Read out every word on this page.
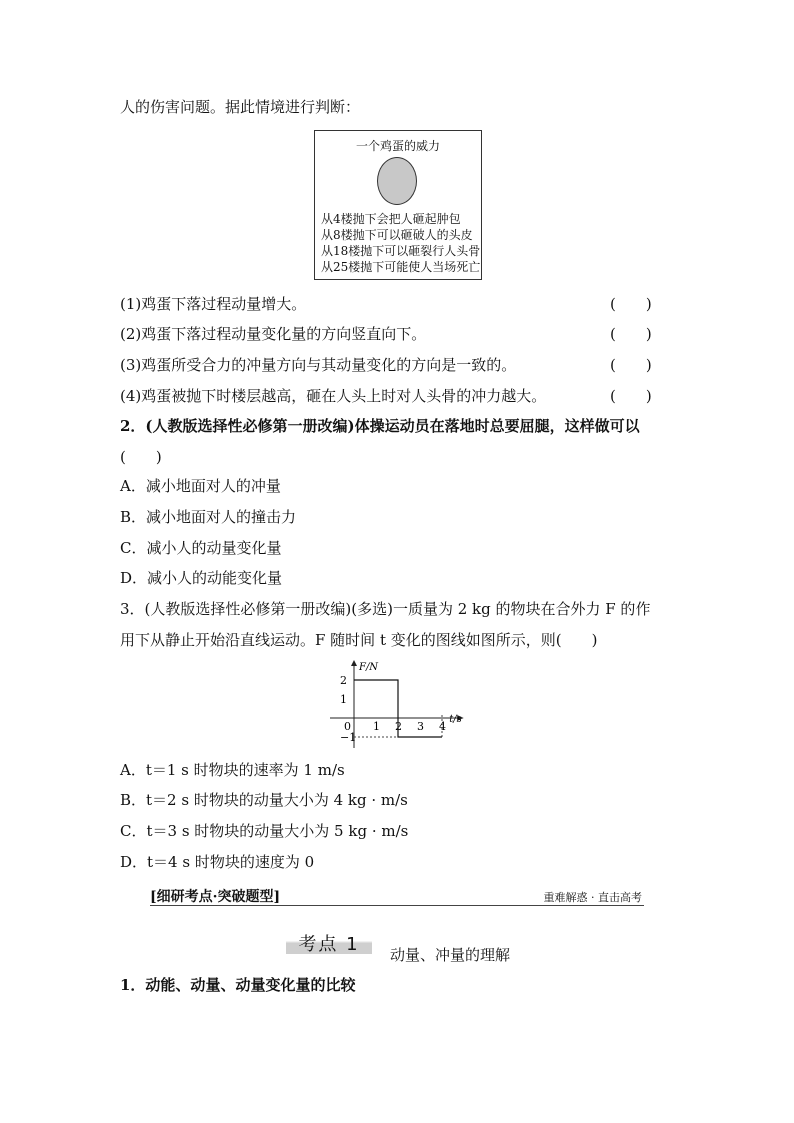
人的伤害问题。据此情境进行判断：
一个鸡蛋的威力
从4楼抛下会把人砸起肿包
从8楼抛下可以砸破人的头皮
从18楼抛下可以砸裂行人头骨
从25楼抛下可能使人当场死亡
(1)鸡蛋下落过程动量增大。	(　　)
(2)鸡蛋下落过程动量变化量的方向竖直向下。	(　　)
(3)鸡蛋所受合力的冲量方向与其动量变化的方向是一致的。	(　　)
(4)鸡蛋被抛下时楼层越高，砸在人头上时对人头骨的冲力越大。	(　　)
2．(人教版选择性必修第一册改编)体操运动员在落地时总要屈腿，这样做可以
(　　)
A．减小地面对人的冲量
B．减小地面对人的撞击力
C．减小人的动量变化量
D．减小人的动能变化量
3．(人教版选择性必修第一册改编)(多选)一质量为 2 kg 的物块在合外力 F 的作
用下从静止开始沿直线运动。F 随时间 t 变化的图线如图所示，则(　　)
F/N
t/s
0 1 2 3 4
2
1
−1
A．t＝1 s 时物块的速率为 1 m/s
B．t＝2 s 时物块的动量大小为 4 kg · m/s
C．t＝3 s 时物块的动量大小为 5 kg · m/s
D．t＝4 s 时物块的速度为 0
[细研考点·突破题型]	重难解惑 · 直击高考
考点 1	动量、冲量的理解
1．动能、动量、动量变化量的比较
